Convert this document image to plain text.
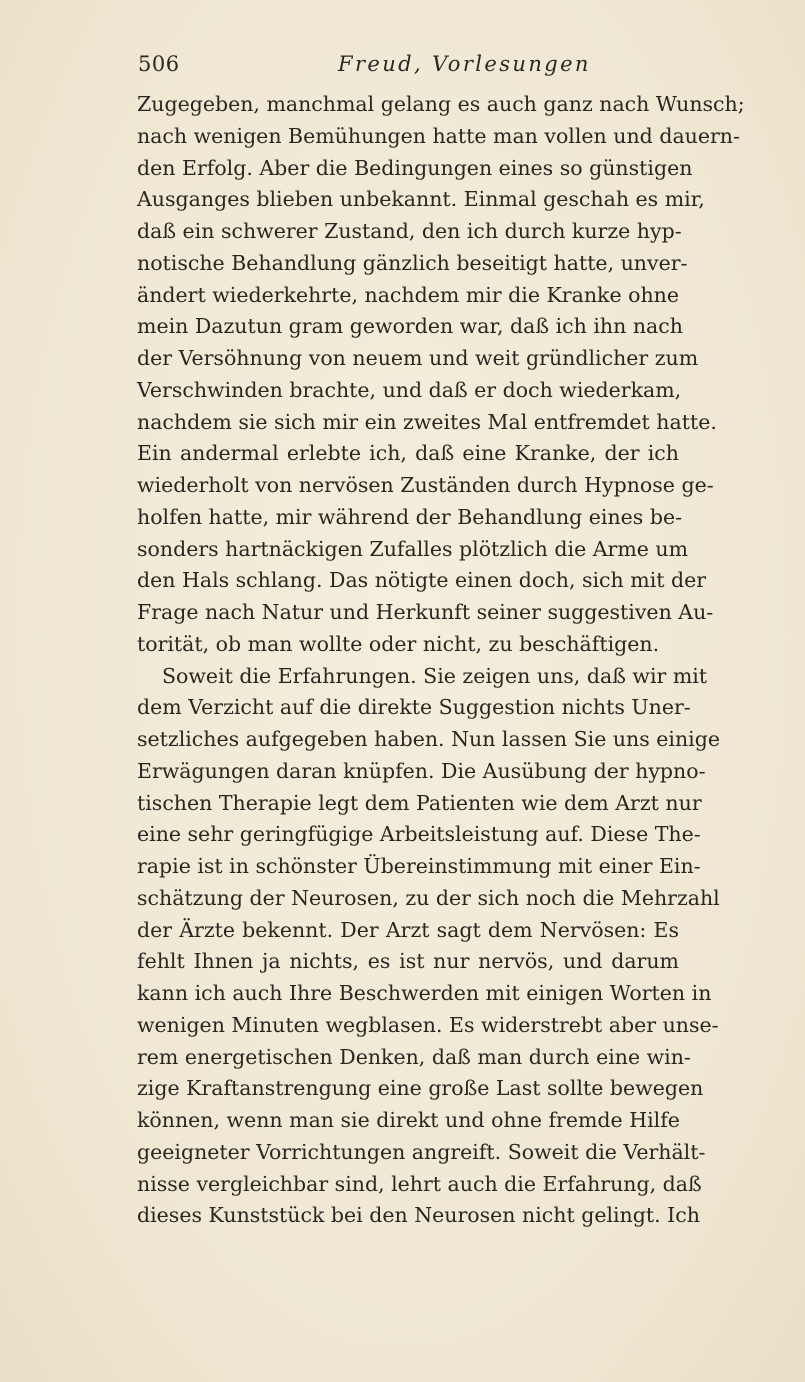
506	Freud, Vorlesungen
Zugegeben, manchmal gelang es auch ganz nach Wunsch;
nach wenigen Bemühungen hatte man vollen und dauern-
den Erfolg. Aber die Bedingungen eines so günstigen
Ausganges blieben unbekannt. Einmal geschah es mir,
daß ein schwerer Zustand, den ich durch kurze hyp-
notische Behandlung gänzlich beseitigt hatte, unver-
ändert wiederkehrte, nachdem mir die Kranke ohne
mein Dazutun gram geworden war, daß ich ihn nach
der Versöhnung von neuem und weit gründlicher zum
Verschwinden brachte, und daß er doch wiederkam,
nachdem sie sich mir ein zweites Mal entfremdet hatte.
Ein andermal erlebte ich, daß eine Kranke, der ich
wiederholt von nervösen Zuständen durch Hypnose ge-
holfen hatte, mir während der Behandlung eines be-
sonders hartnäckigen Zufalles plötzlich die Arme um
den Hals schlang. Das nötigte einen doch, sich mit der
Frage nach Natur und Herkunft seiner suggestiven Au-
torität, ob man wollte oder nicht, zu beschäftigen.
Soweit die Erfahrungen. Sie zeigen uns, daß wir mit
dem Verzicht auf die direkte Suggestion nichts Uner-
setzliches aufgegeben haben. Nun lassen Sie uns einige
Erwägungen daran knüpfen. Die Ausübung der hypno-
tischen Therapie legt dem Patienten wie dem Arzt nur
eine sehr geringfügige Arbeitsleistung auf. Diese The-
rapie ist in schönster Übereinstimmung mit einer Ein-
schätzung der Neurosen, zu der sich noch die Mehrzahl
der Ärzte bekennt. Der Arzt sagt dem Nervösen: Es
fehlt Ihnen ja nichts, es ist nur nervös, und darum
kann ich auch Ihre Beschwerden mit einigen Worten in
wenigen Minuten wegblasen. Es widerstrebt aber unse-
rem energetischen Denken, daß man durch eine win-
zige Kraftanstrengung eine große Last sollte bewegen
können, wenn man sie direkt und ohne fremde Hilfe
geeigneter Vorrichtungen angreift. Soweit die Verhält-
nisse vergleichbar sind, lehrt auch die Erfahrung, daß
dieses Kunststück bei den Neurosen nicht gelingt. Ich
